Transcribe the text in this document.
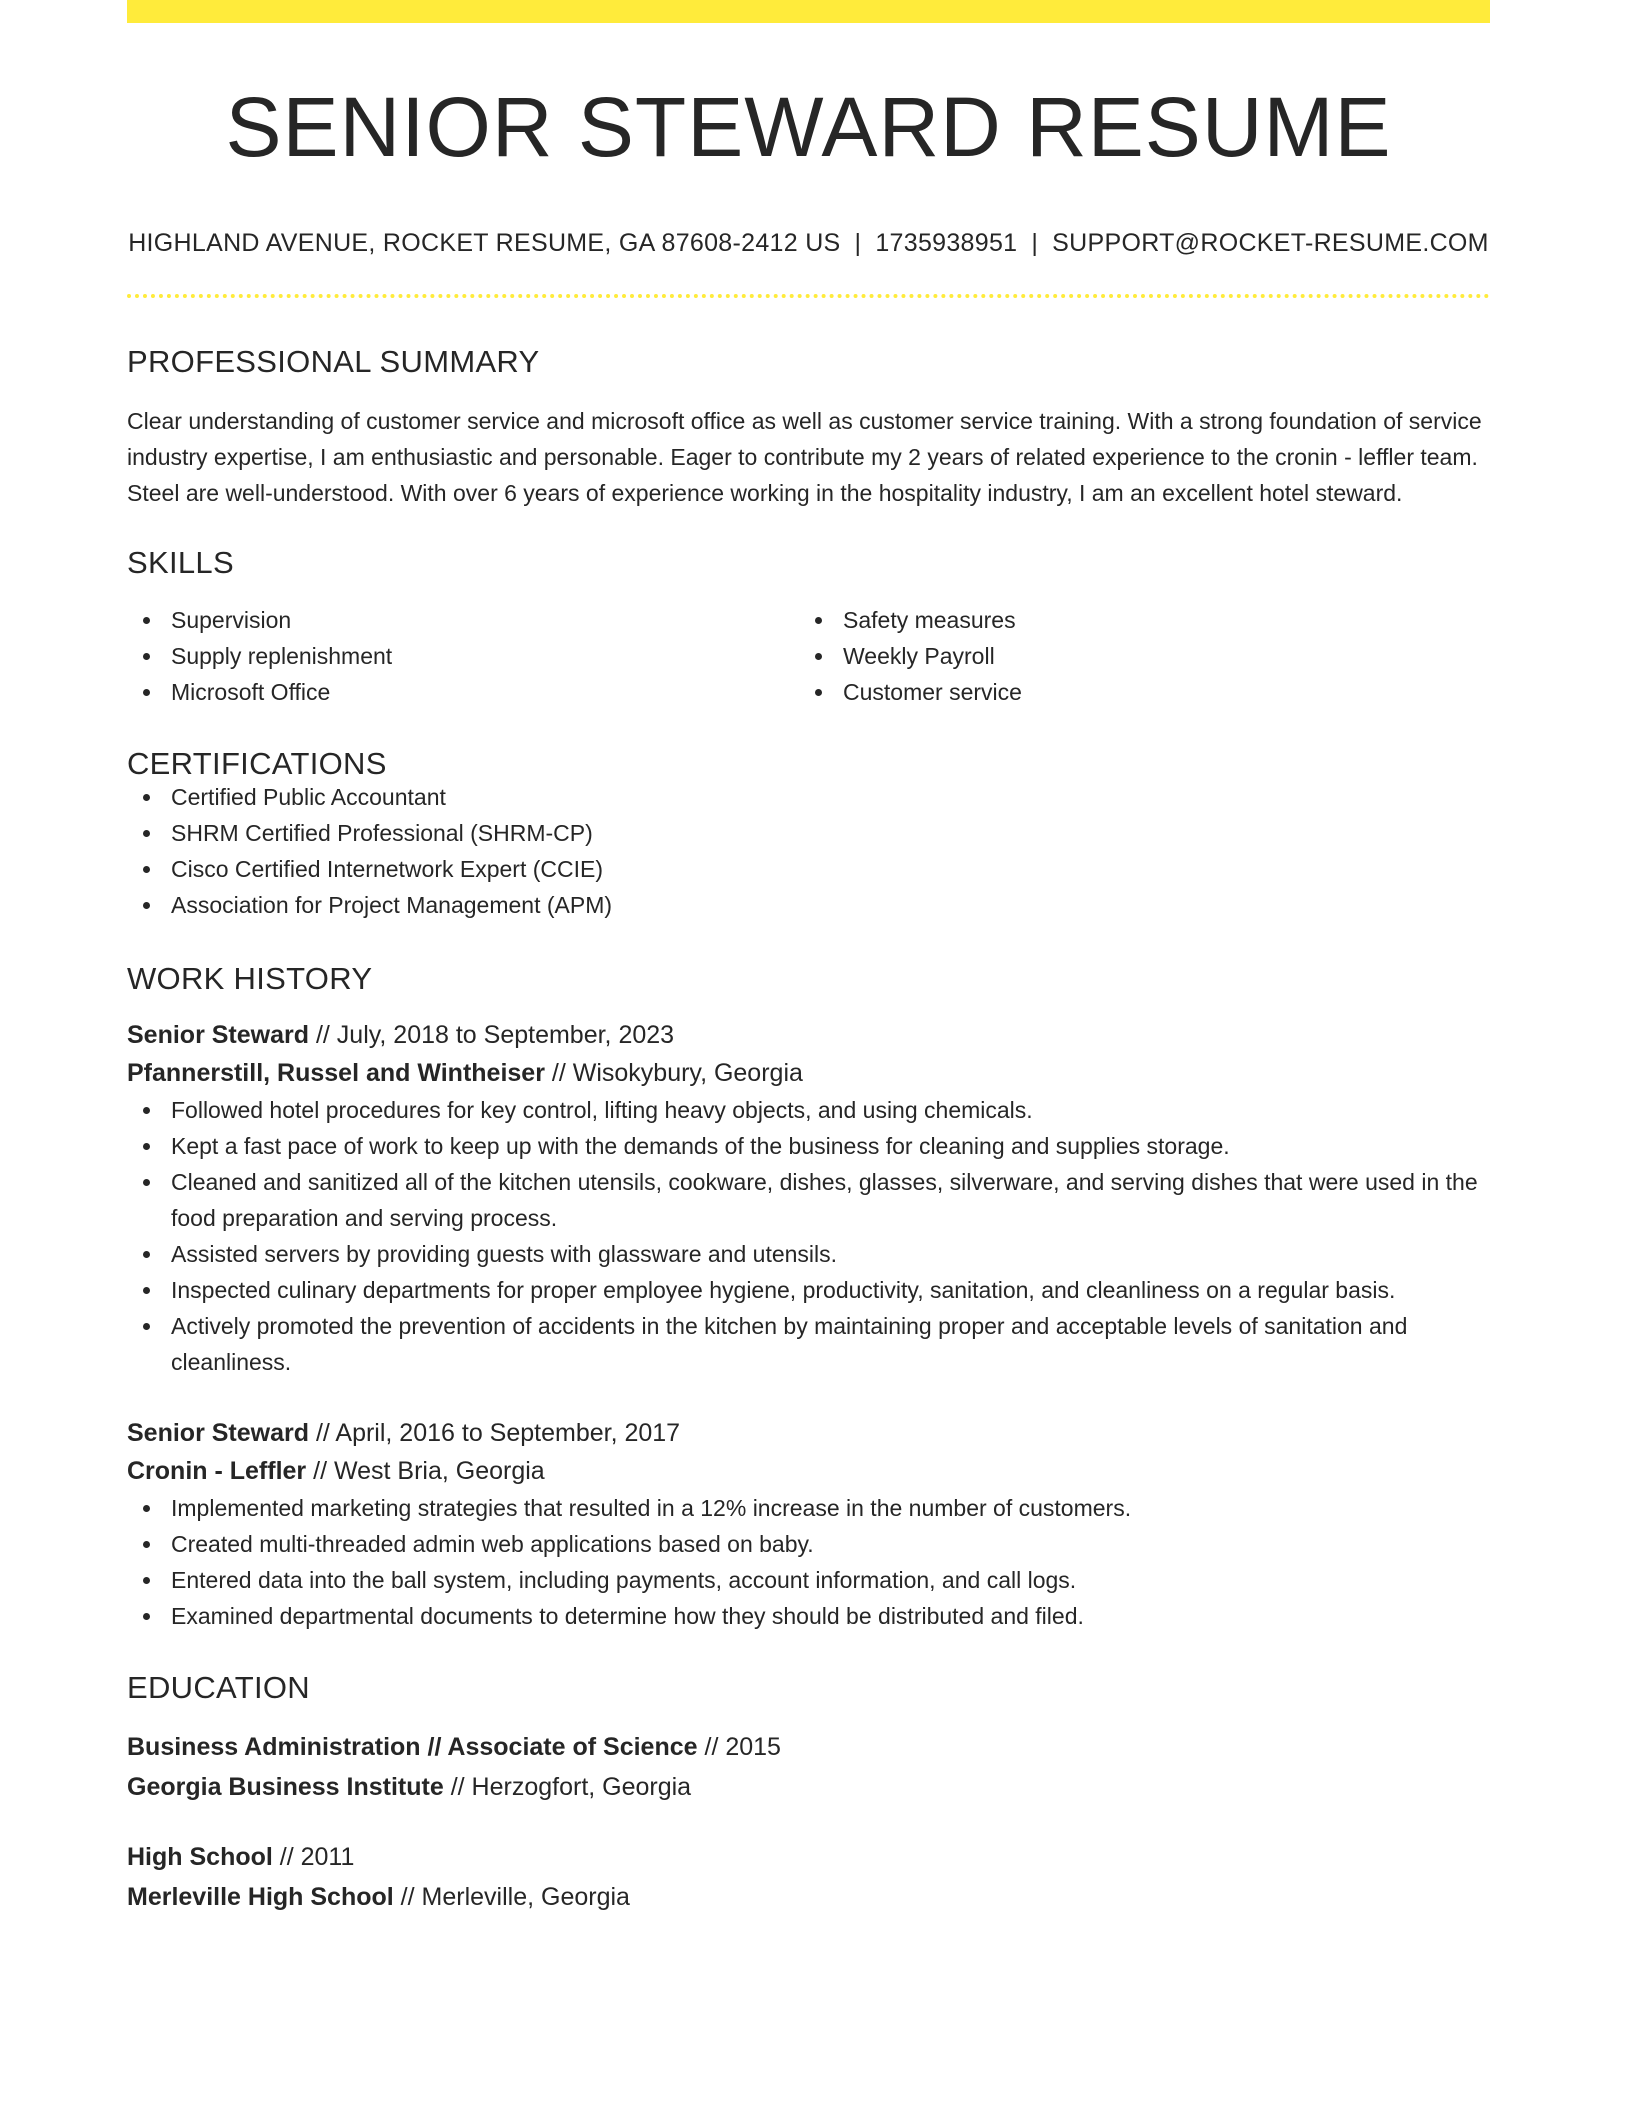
SENIOR STEWARD RESUME
HIGHLAND AVENUE, ROCKET RESUME, GA 87608-2412 US | 1735938951 | SUPPORT@ROCKET-RESUME.COM
PROFESSIONAL SUMMARY
Clear understanding of customer service and microsoft office as well as customer service training. With a strong foundation of service industry expertise, I am enthusiastic and personable. Eager to contribute my 2 years of related experience to the cronin - leffler team. Steel are well-understood. With over 6 years of experience working in the hospitality industry, I am an excellent hotel steward.
SKILLS
Supervision
Supply replenishment
Microsoft Office
Safety measures
Weekly Payroll
Customer service
CERTIFICATIONS
Certified Public Accountant
SHRM Certified Professional (SHRM-CP)
Cisco Certified Internetwork Expert (CCIE)
Association for Project Management (APM)
WORK HISTORY
Senior Steward // July, 2018 to September, 2023
Pfannerstill, Russel and Wintheiser // Wisokybury, Georgia
Followed hotel procedures for key control, lifting heavy objects, and using chemicals.
Kept a fast pace of work to keep up with the demands of the business for cleaning and supplies storage.
Cleaned and sanitized all of the kitchen utensils, cookware, dishes, glasses, silverware, and serving dishes that were used in the food preparation and serving process.
Assisted servers by providing guests with glassware and utensils.
Inspected culinary departments for proper employee hygiene, productivity, sanitation, and cleanliness on a regular basis.
Actively promoted the prevention of accidents in the kitchen by maintaining proper and acceptable levels of sanitation and cleanliness.
Senior Steward // April, 2016 to September, 2017
Cronin - Leffler // West Bria, Georgia
Implemented marketing strategies that resulted in a 12% increase in the number of customers.
Created multi-threaded admin web applications based on baby.
Entered data into the ball system, including payments, account information, and call logs.
Examined departmental documents to determine how they should be distributed and filed.
EDUCATION
Business Administration // Associate of Science // 2015
Georgia Business Institute // Herzogfort, Georgia
High School // 2011
Merleville High School // Merleville, Georgia
